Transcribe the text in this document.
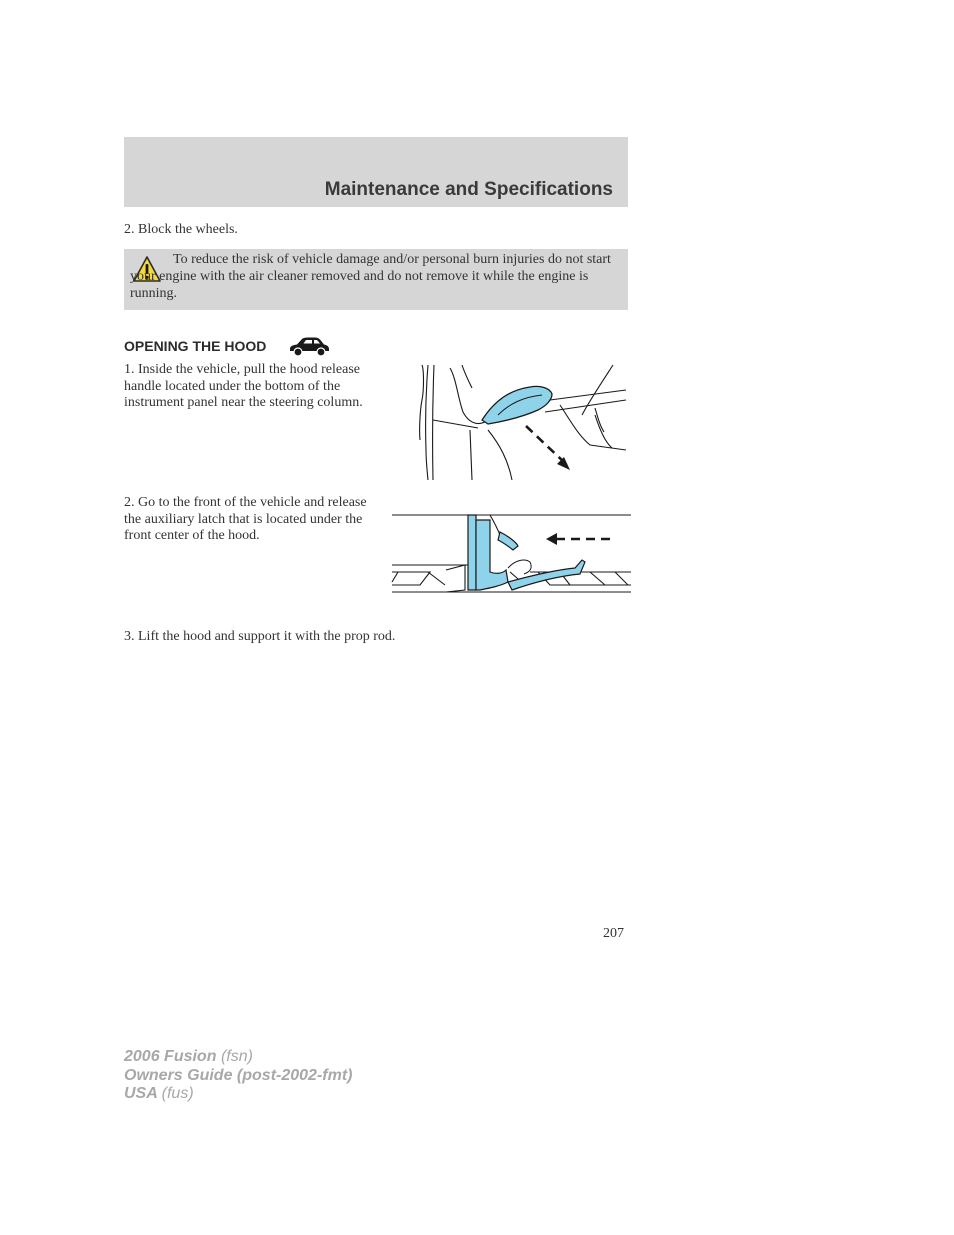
Maintenance and Specifications
2. Block the wheels.
To reduce the risk of vehicle damage and/or personal burn injuries do not start your engine with the air cleaner removed and do not remove it while the engine is running.
OPENING THE HOOD
1. Inside the vehicle, pull the hood release handle located under the bottom of the instrument panel near the steering column.
2. Go to the front of the vehicle and release the auxiliary latch that is located under the front center of the hood.
3. Lift the hood and support it with the prop rod.
207
2006 Fusion (fsn)
Owners Guide (post-2002-fmt)
USA (fus)
